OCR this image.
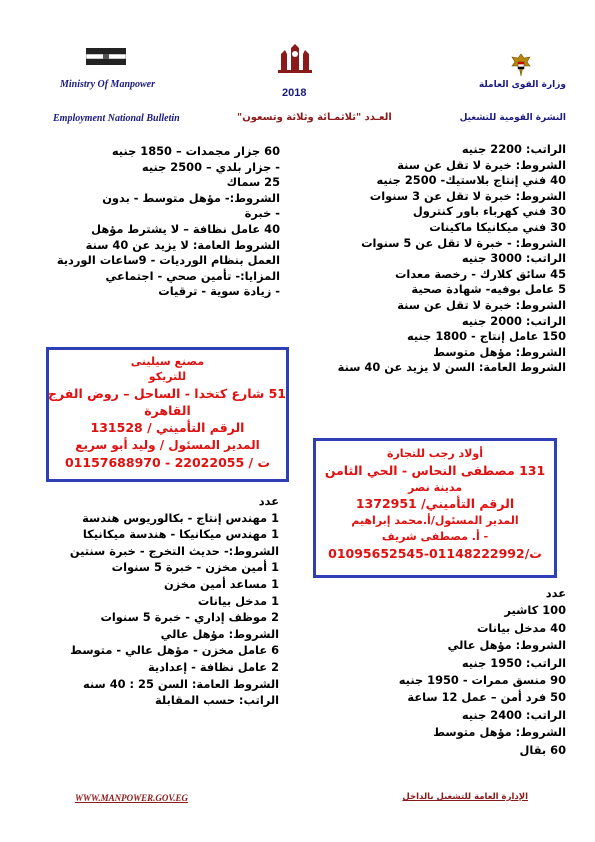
Ministry Of Manpower
2018
وزارة القوى العاملة
Employment National Bulletin	العـدد "ثلاثمـائة وثلاثة وتسعون"	النشرة القومية للتشغيل
الراتب: 2200 جنيه
الشروط: خبرة لا تقل عن سنة
40 فني إنتاج بلاستيك- 2500 جنيه
الشروط: خبرة لا تقل عن 3 سنوات
30 فني كهرباء باور كنترول
30 فني ميكانيكا ماكينات
الشروط: - خبرة لا تقل عن 5 سنوات
الراتب: 3000 جنيه
45 سائق كلارك - رخصة معدات
5 عامل بوفيه- شهادة صحية
الشروط: خبرة لا تقل عن سنة
الراتب: 2000 جنيه
150 عامل إنتاج - 1800 جنيه
الشروط: مؤهل متوسط
الشروط العامة: السن لا يزيد عن 40 سنة
60 جزار مجمدات – 1850 جنيه
- جزار بلدي – 2500 جنيه
25 سماك
الشروط:- مؤهل متوسط - بدون
- خبرة
40 عامل نظافة – لا يشترط مؤهل
الشروط العامة: لا يزيد عن 40 سنة
العمل بنظام الورديات - 9ساعات الوردية
المزايا:- تأمين صحي - اجتماعي
- زيادة سوية - ترقيات
مصنع سيلينى
للتريكو
51 شارع كتخدا - الساحل – روض الفرج
القاهرة
الرقم التأميني / 131528
المدير المسئول / وليد أبو سريع
ت / 22022055 - 01157688970
أولاد رجب للتجارة
131 مصطفى النحاس - الحي الثامن
مدينة نصر
الرقم التأميني/ 1372951
المدير المسئول/أ.محمد إبراهيم
- أ. مصطفى شريف
ت/01148222992-01095652545
عدد
1 مهندس إنتاج - بكالوريوس هندسة
1 مهندس ميكانيكا - هندسة ميكانيكا
الشروط:- حديث التخرج - خبرة سنتين
1 أمين مخزن - خبرة 5 سنوات
1 مساعد أمين مخزن
1 مدخل بيانات
2 موظف إداري - خبرة 5 سنوات
الشروط: مؤهل عالي
6 عامل مخزن - مؤهل عالي - متوسط
2 عامل نظافة - إعدادية
الشروط العامة: السن 25 : 40 سنه
الراتب: حسب المقابلة
عدد
100 كاشير
40 مدخل بيانات
الشروط: مؤهل عالي
الراتب: 1950 جنيه
90 منسق ممرات - 1950 جنيه
50 فرد أمن – عمل 12 ساعة
الراتب: 2400 جنيه
الشروط: مؤهل متوسط
60 بقال
WWW.MANPOWER.GOV.EG	الإدارة العامة للتشغيل بالداخل
